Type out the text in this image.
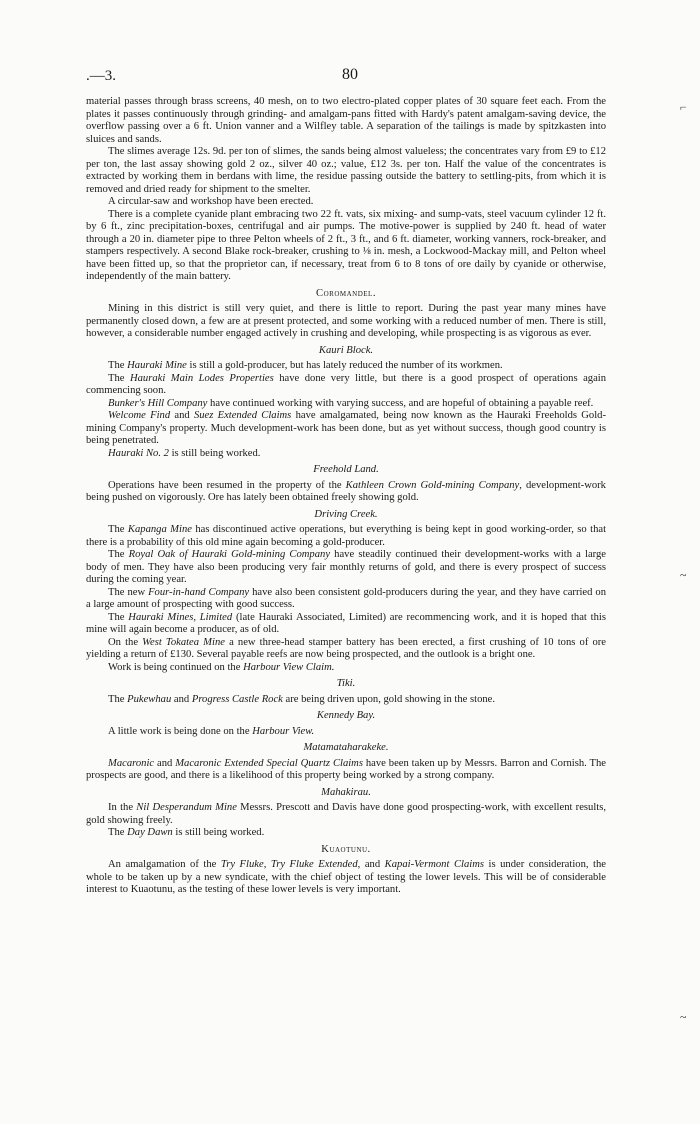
.—3.	80
⌐
~
~

material passes through brass screens, 40 mesh, on to two electro-plated copper plates of 30 square feet each. From the plates it passes continuously through grinding- and amalgam-pans fitted with Hardy's patent amalgam-saving device, the overflow passing over a 6 ft. Union vanner and a Wilfley table. A separation of the tailings is made by spitzkasten into sluices and sands.

The slimes average 12s. 9d. per ton of slimes, the sands being almost valueless; the concentrates vary from £9 to £12 per ton, the last assay showing gold 2 oz., silver 40 oz.; value, £12 3s. per ton. Half the value of the concentrates is extracted by working them in berdans with lime, the residue passing outside the battery to settling-pits, from which it is removed and dried ready for shipment to the smelter.

A circular-saw and workshop have been erected.

There is a complete cyanide plant embracing two 22 ft. vats, six mixing- and sump-vats, steel vacuum cylinder 12 ft. by 6 ft., zinc precipitation-boxes, centrifugal and air pumps. The motive-power is supplied by 240 ft. head of water through a 20 in. diameter pipe to three Pelton wheels of 2 ft., 3 ft., and 6 ft. diameter, working vanners, rock-breaker, and stampers respectively. A second Blake rock-breaker, crushing to ⅛ in. mesh, a Lockwood-Mackay mill, and Pelton wheel have been fitted up, so that the proprietor can, if necessary, treat from 6 to 8 tons of ore daily by cyanide or otherwise, independently of the main battery.

Coromandel.

Mining in this district is still very quiet, and there is little to report. During the past year many mines have permanently closed down, a few are at present protected, and some working with a reduced number of men. There is still, however, a considerable number engaged actively in crushing and developing, while prospecting is as vigorous as ever.

Kauri Block.

The Hauraki Mine is still a gold-producer, but has lately reduced the number of its workmen.

The Hauraki Main Lodes Properties have done very little, but there is a good prospect of operations again commencing soon.

Bunker's Hill Company have continued working with varying success, and are hopeful of obtaining a payable reef.

Welcome Find and Suez Extended Claims have amalgamated, being now known as the Hauraki Freeholds Gold-mining Company's property. Much development-work has been done, but as yet without success, though good country is being penetrated.

Hauraki No. 2 is still being worked.

Freehold Land.

Operations have been resumed in the property of the Kathleen Crown Gold-mining Company, development-work being pushed on vigorously. Ore has lately been obtained freely showing gold.

Driving Creek.

The Kapanga Mine has discontinued active operations, but everything is being kept in good working-order, so that there is a probability of this old mine again becoming a gold-producer.

The Royal Oak of Hauraki Gold-mining Company have steadily continued their development-works with a large body of men. They have also been producing very fair monthly returns of gold, and there is every prospect of success during the coming year.

The new Four-in-hand Company have also been consistent gold-producers during the year, and they have carried on a large amount of prospecting with good success.

The Hauraki Mines, Limited (late Hauraki Associated, Limited) are recommencing work, and it is hoped that this mine will again become a producer, as of old.

On the West Tokatea Mine a new three-head stamper battery has been erected, a first crushing of 10 tons of ore yielding a return of £130. Several payable reefs are now being prospected, and the outlook is a bright one.

Work is being continued on the Harbour View Claim.

Tiki.

The Pukewhau and Progress Castle Rock are being driven upon, gold showing in the stone.

Kennedy Bay.

A little work is being done on the Harbour View.

Matamataharakeke.

Macaronic and Macaronic Extended Special Quartz Claims have been taken up by Messrs. Barron and Cornish. The prospects are good, and there is a likelihood of this property being worked by a strong company.

Mahakirau.

In the Nil Desperandum Mine Messrs. Prescott and Davis have done good prospecting-work, with excellent results, gold showing freely.

The Day Dawn is still being worked.

Kuaotunu.

An amalgamation of the Try Fluke, Try Fluke Extended, and Kapai-Vermont Claims is under consideration, the whole to be taken up by a new syndicate, with the chief object of testing the lower levels. This will be of considerable interest to Kuaotunu, as the testing of these lower levels is very important.
